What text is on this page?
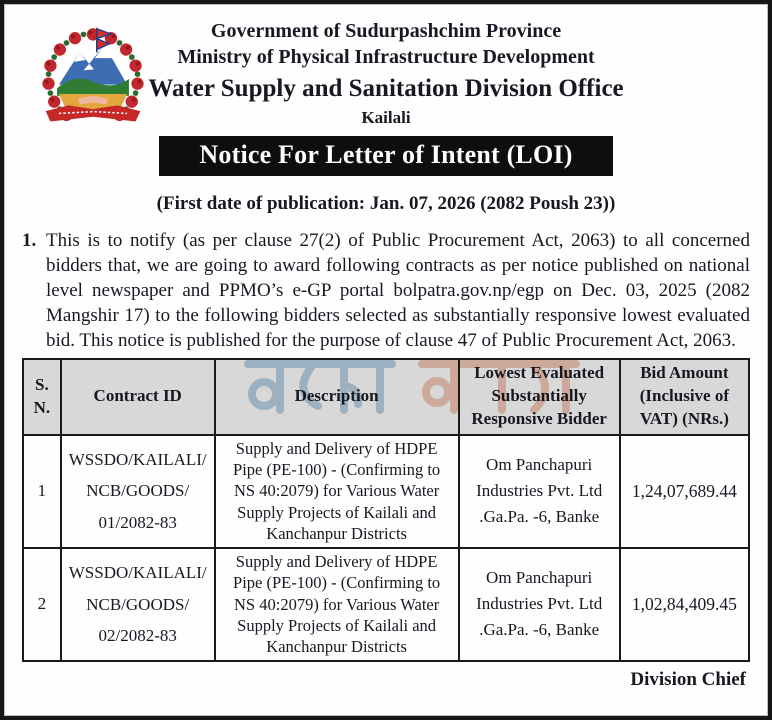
Government of Sudurpashchim Province
Ministry of Physical Infrastructure Development
Water Supply and Sanitation Division Office
Kailali
Notice For Letter of Intent (LOI)
(First date of publication: Jan. 07, 2026 (2082 Poush 23))
1. This is to notify (as per clause 27(2) of Public Procurement Act, 2063) to all concerned bidders that, we are going to award following contracts as per notice published on national level newspaper and PPMO’s e-GP portal bolpatra.gov.np/egp on Dec. 03, 2025 (2082 Mangshir 17) to the following bidders selected as substantially responsive lowest evaluated bid. This notice is published for the purpose of clause 47 of Public Procurement Act, 2063.
S. N.	Contract ID	Description	Lowest Evaluated Substantially Responsive Bidder	Bid Amount (Inclusive of VAT) (NRs.)
1	WSSDO/KAILALI/ NCB/GOODS/ 01/2082-83	Supply and Delivery of HDPE Pipe (PE-100) - (Confirming to NS 40:2079) for Various Water Supply Projects of Kailali and Kanchanpur Districts	Om Panchapuri Industries Pvt. Ltd .Ga.Pa. -6, Banke	1,24,07,689.44
2	WSSDO/KAILALI/ NCB/GOODS/ 02/2082-83	Supply and Delivery of HDPE Pipe (PE-100) - (Confirming to NS 40:2079) for Various Water Supply Projects of Kailali and Kanchanpur Districts	Om Panchapuri Industries Pvt. Ltd .Ga.Pa. -6, Banke	1,02,84,409.45
Division Chief
